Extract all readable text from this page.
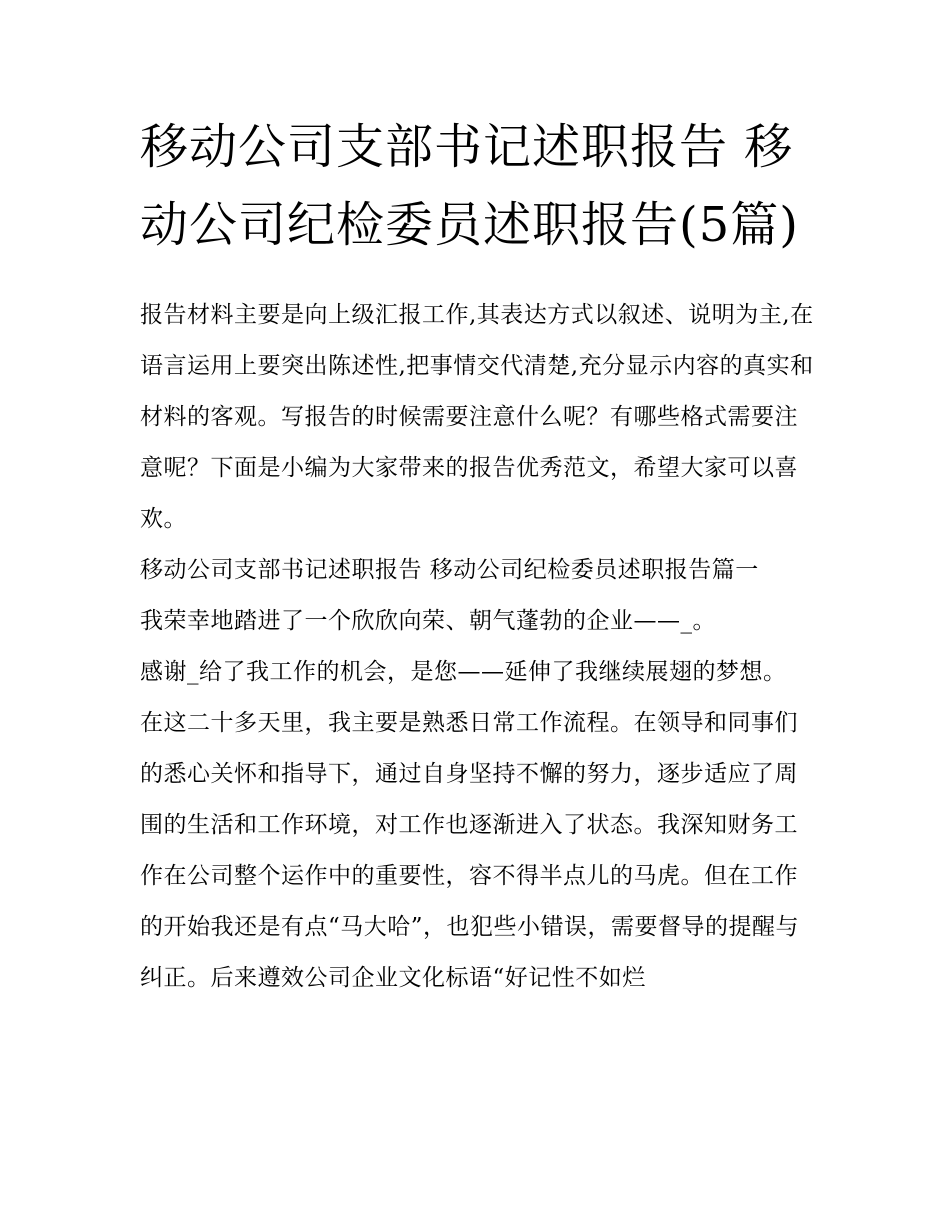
移动公司支部书记述职报告 移动公司纪检委员述职报告(5篇)

报告材料主要是向上级汇报工作,其表达方式以叙述、说明为主,在语言运用上要突出陈述性,把事情交代清楚,充分显示内容的真实和材料的客观。写报告的时候需要注意什么呢？有哪些格式需要注意呢？下面是小编为大家带来的报告优秀范文，希望大家可以喜欢。

移动公司支部书记述职报告 移动公司纪检委员述职报告篇一

我荣幸地踏进了一个欣欣向荣、朝气蓬勃的企业——_。

感谢_给了我工作的机会，是您——延伸了我继续展翅的梦想。

在这二十多天里，我主要是熟悉日常工作流程。在领导和同事们的悉心关怀和指导下，通过自身坚持不懈的努力，逐步适应了周围的生活和工作环境，对工作也逐渐进入了状态。我深知财务工作在公司整个运作中的重要性，容不得半点儿的马虎。但在工作的开始我还是有点“马大哈”，也犯些小错误，需要督导的提醒与纠正。后来遵效公司企业文化标语“好记性不如烂
